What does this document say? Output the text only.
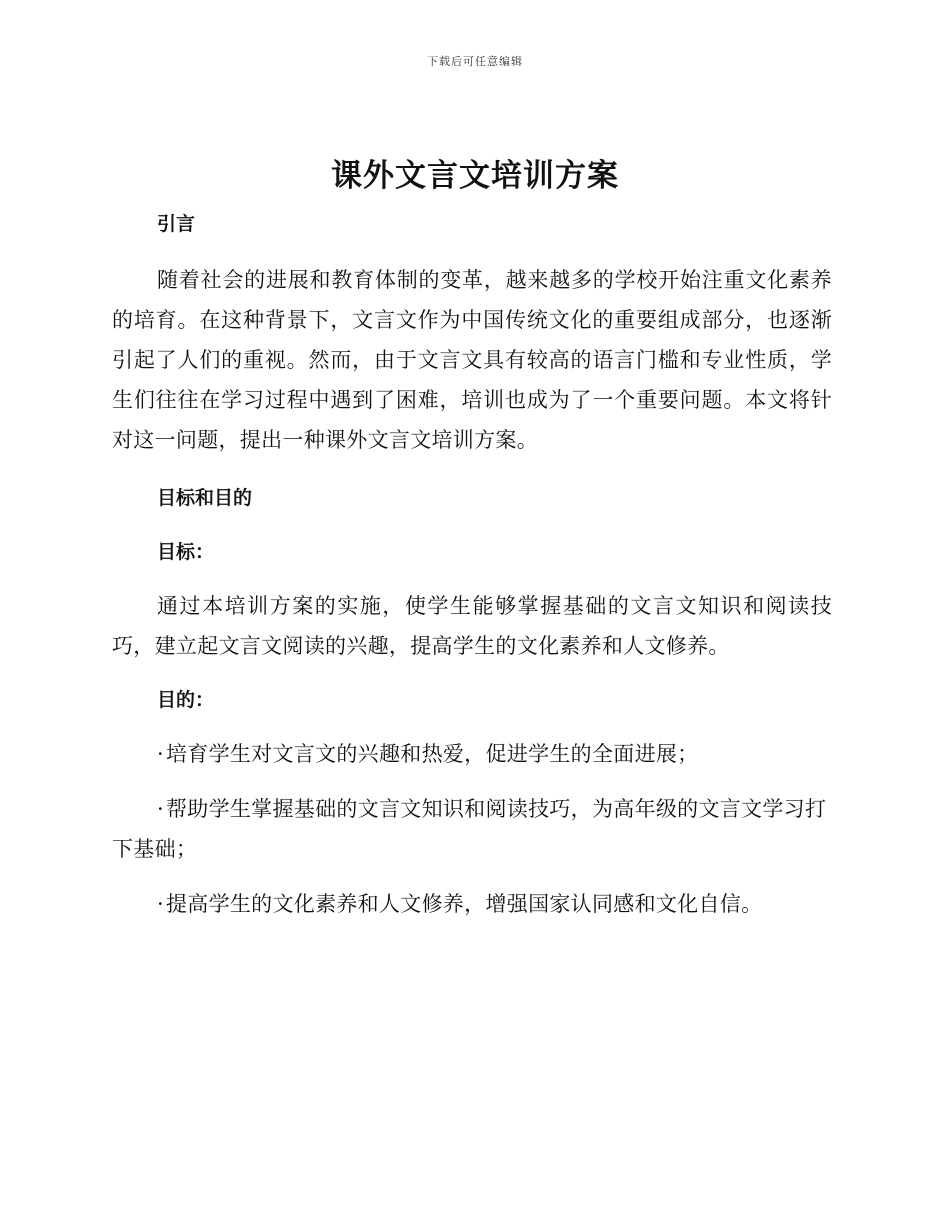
下载后可任意编辑
课外文言文培训方案
引言

随着社会的进展和教育体制的变革，越来越多的学校开始注重文化素养的培育。在这种背景下，文言文作为中国传统文化的重要组成部分，也逐渐引起了人们的重视。然而，由于文言文具有较高的语言门槛和专业性质，学生们往往在学习过程中遇到了困难，培训也成为了一个重要问题。本文将针对这一问题，提出一种课外文言文培训方案。

目标和目的
目标：

通过本培训方案的实施，使学生能够掌握基础的文言文知识和阅读技巧，建立起文言文阅读的兴趣，提高学生的文化素养和人文修养。

目的：
·培育学生对文言文的兴趣和热爱，促进学生的全面进展；
·帮助学生掌握基础的文言文知识和阅读技巧，为高年级的文言文学习打下基础；
·提高学生的文化素养和人文修养，增强国家认同感和文化自信。
